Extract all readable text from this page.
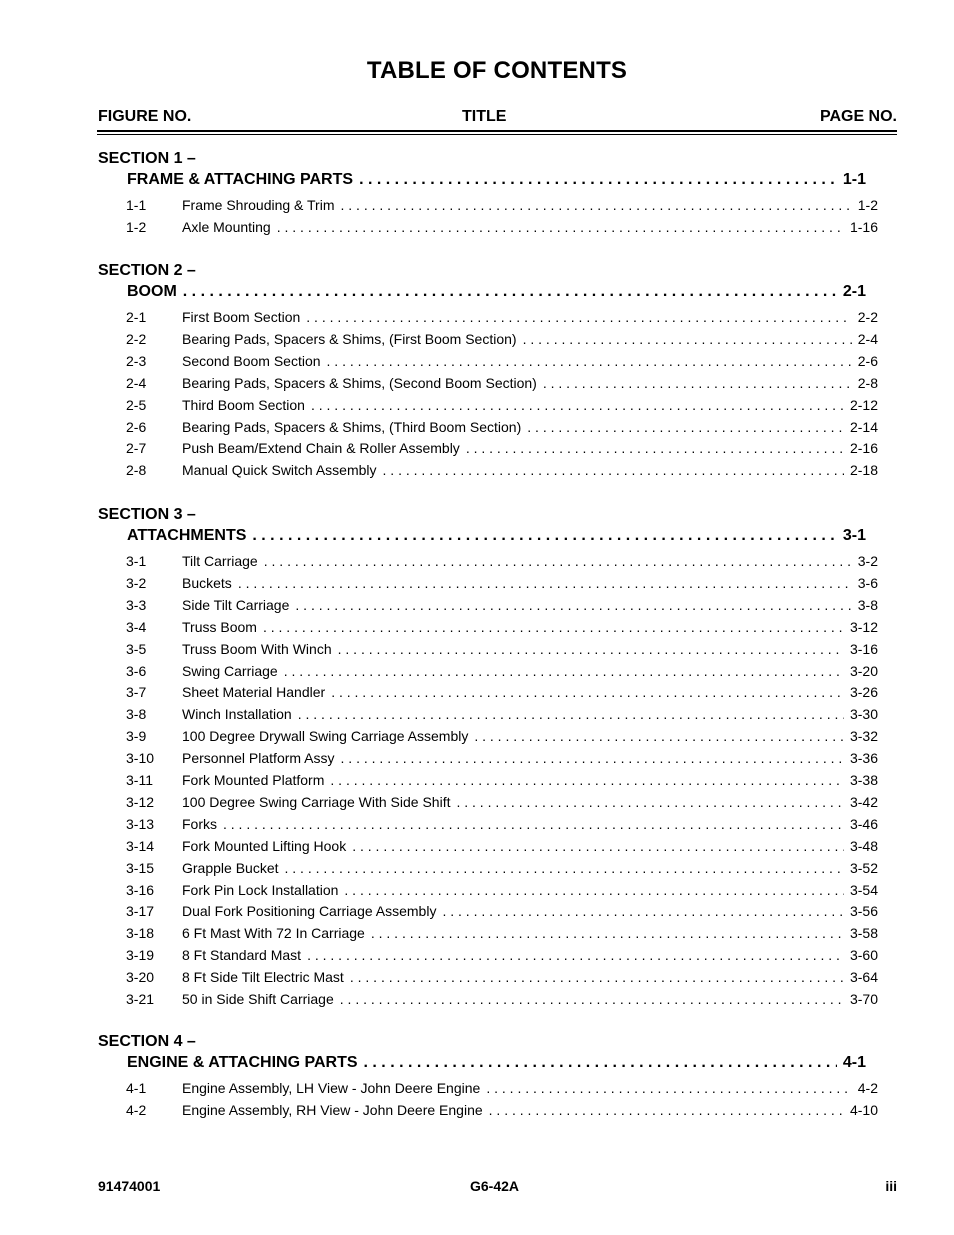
TABLE OF CONTENTS
FIGURE NO.	TITLE	PAGE NO.
SECTION 1 –
FRAME & ATTACHING PARTS . . .	1-1
1-1	Frame Shrouding & Trim . . .	1-2
1-2	Axle Mounting . . .	1-16
SECTION 2 –
BOOM . . .	2-1
2-1	First Boom Section . . .	2-2
2-2	Bearing Pads, Spacers & Shims, (First Boom Section) . . .	2-4
2-3	Second Boom Section . . .	2-6
2-4	Bearing Pads, Spacers & Shims, (Second Boom Section) . . .	2-8
2-5	Third Boom Section . . .	2-12
2-6	Bearing Pads, Spacers & Shims, (Third Boom Section) . . .	2-14
2-7	Push Beam/Extend Chain & Roller Assembly . . .	2-16
2-8	Manual Quick Switch Assembly . . .	2-18
SECTION 3 –
ATTACHMENTS . . .	3-1
3-1	Tilt Carriage . . .	3-2
3-2	Buckets . . .	3-6
3-3	Side Tilt Carriage . . .	3-8
3-4	Truss Boom . . .	3-12
3-5	Truss Boom With Winch . . .	3-16
3-6	Swing Carriage . . .	3-20
3-7	Sheet Material Handler . . .	3-26
3-8	Winch Installation . . .	3-30
3-9	100 Degree Drywall Swing Carriage Assembly . . .	3-32
3-10	Personnel Platform Assy . . .	3-36
3-11	Fork Mounted Platform . . .	3-38
3-12	100 Degree Swing Carriage With Side Shift . . .	3-42
3-13	Forks . . .	3-46
3-14	Fork Mounted Lifting Hook . . .	3-48
3-15	Grapple Bucket . . .	3-52
3-16	Fork Pin Lock Installation . . .	3-54
3-17	Dual Fork Positioning Carriage Assembly . . .	3-56
3-18	6 Ft Mast With 72 In Carriage . . .	3-58
3-19	8 Ft Standard Mast . . .	3-60
3-20	8 Ft Side Tilt Electric Mast . . .	3-64
3-21	50 in Side Shift Carriage . . .	3-70
SECTION 4 –
ENGINE & ATTACHING PARTS . . .	4-1
4-1	Engine Assembly, LH View - John Deere Engine . . .	4-2
4-2	Engine Assembly, RH View - John Deere Engine . . .	4-10
91474001	G6-42A	iii
